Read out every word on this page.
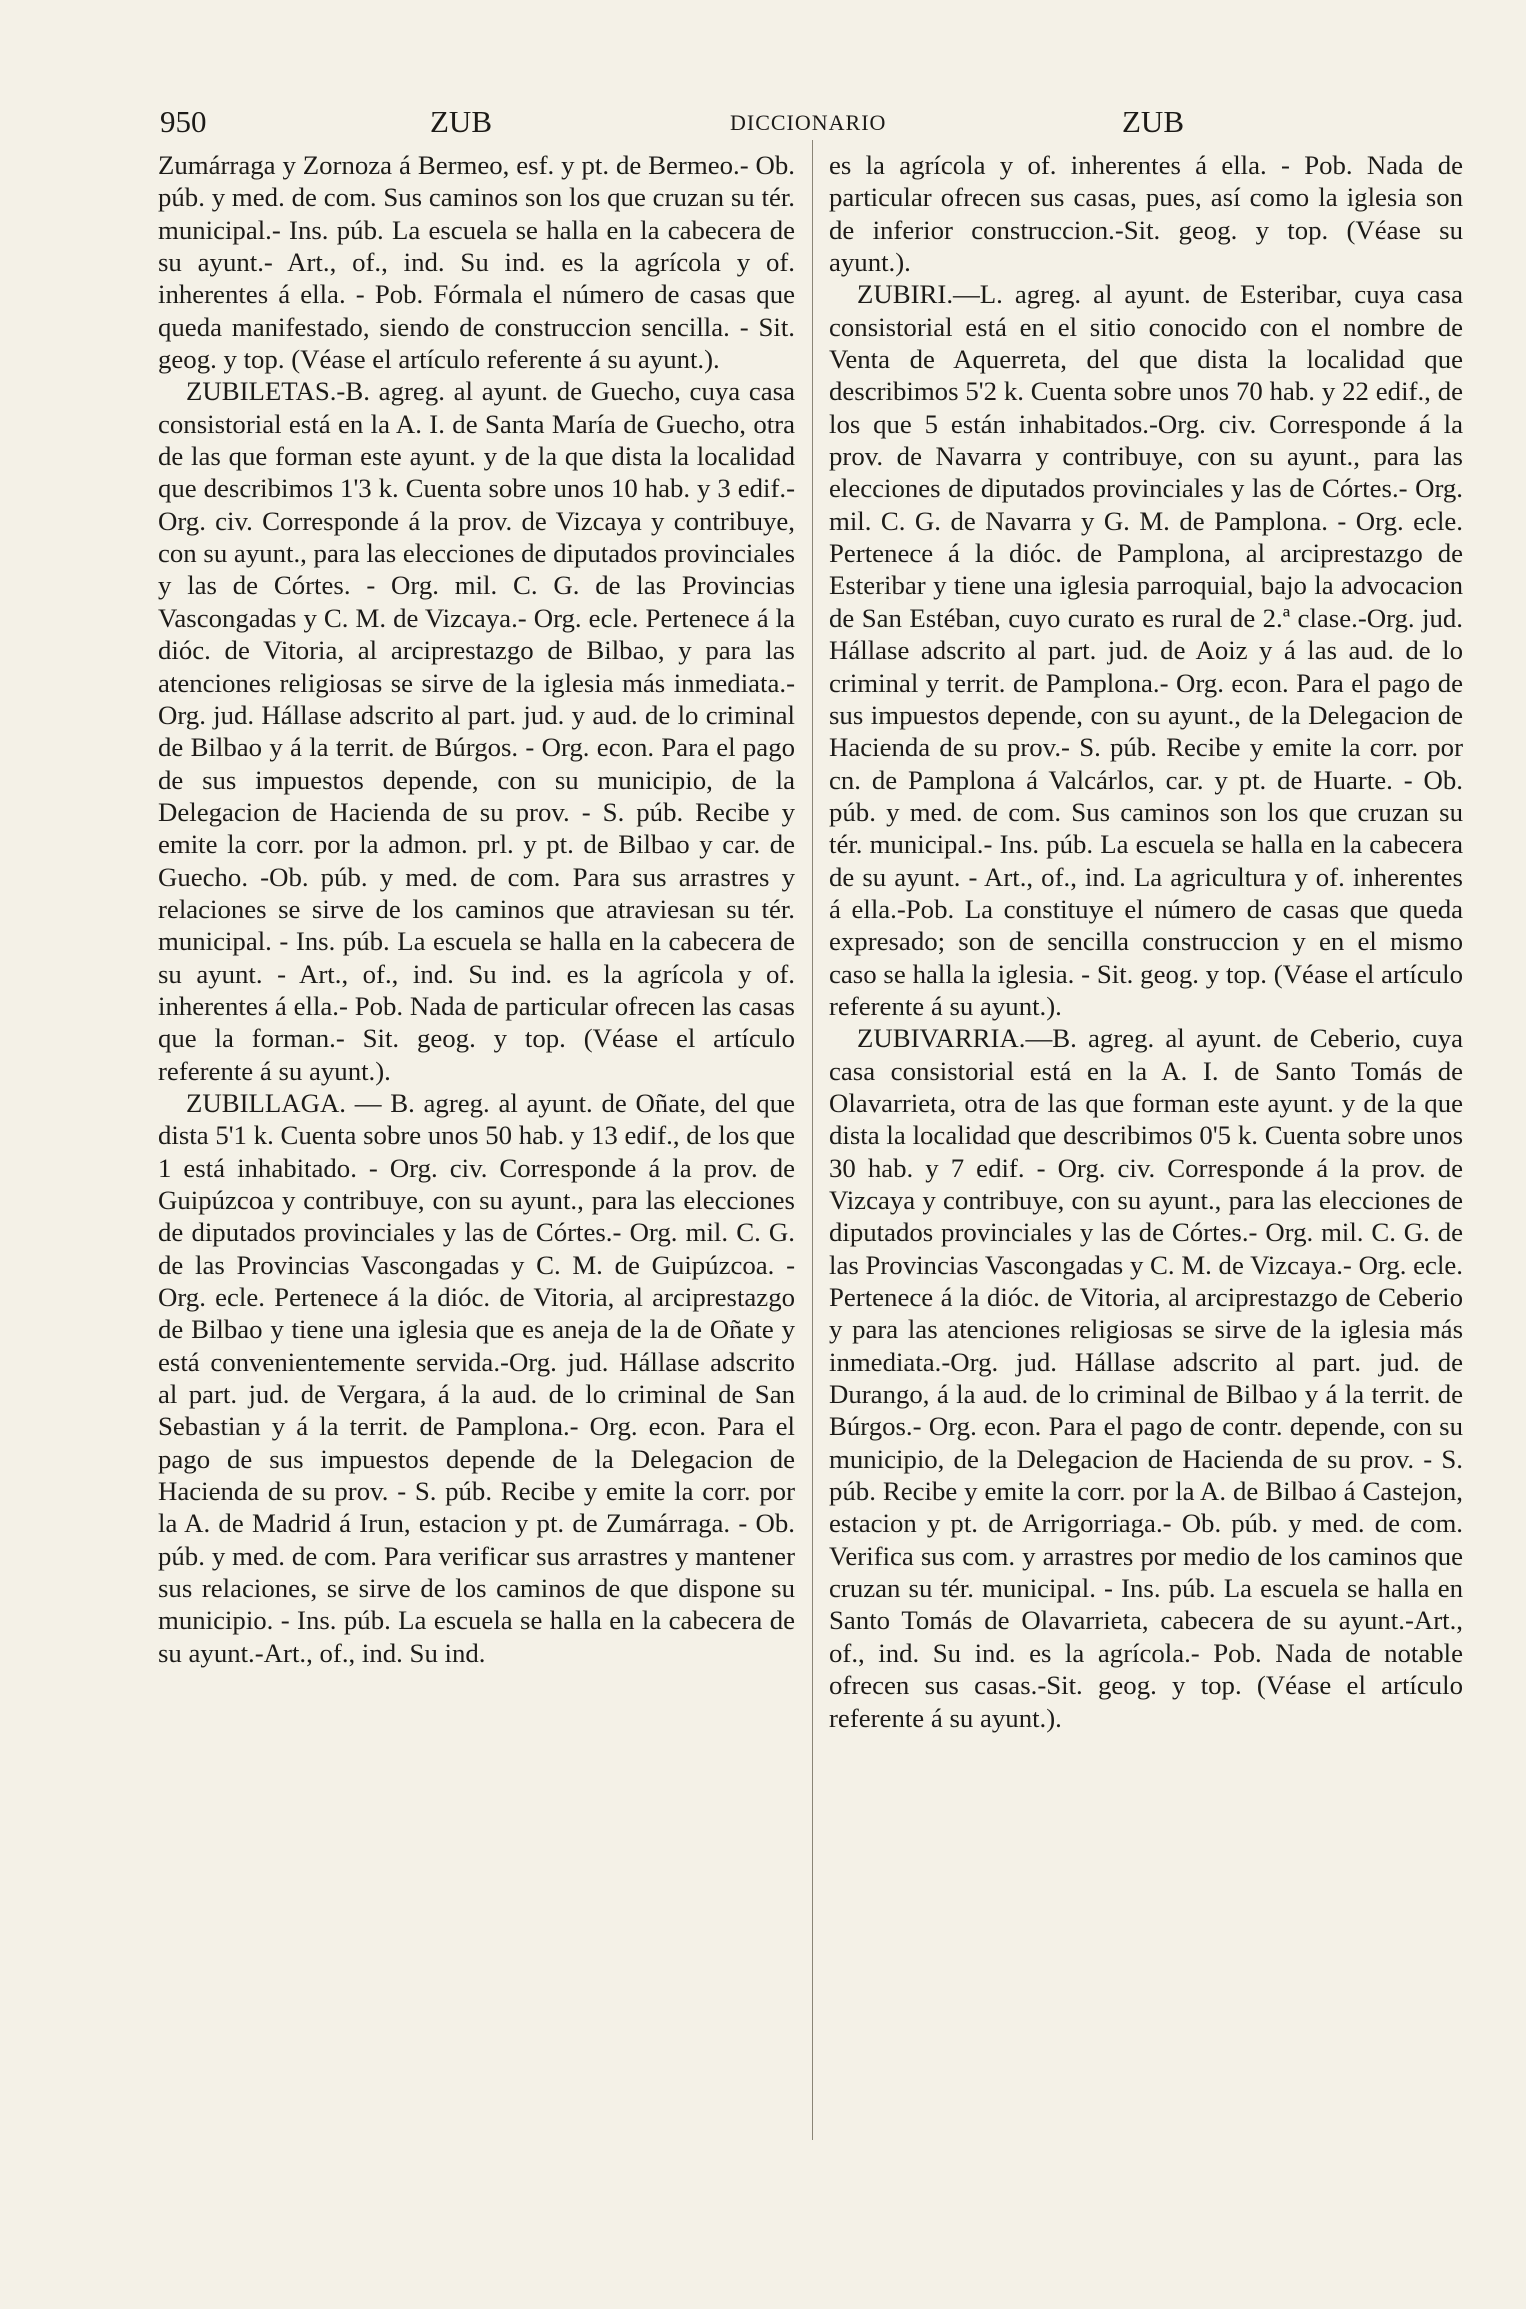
950	ZUB	DICCIONARIO	ZUB

Zumárraga y Zornoza á Bermeo, esf. y pt. de Bermeo.- Ob. púb. y med. de com. Sus caminos son los que cruzan su tér. municipal.- Ins. púb. La escuela se halla en la cabecera de su ayunt.- Art., of., ind. Su ind. es la agrícola y of. inherentes á ella. - Pob. Fórmala el número de casas que queda manifestado, siendo de construccion sencilla. - Sit. geog. y top. (Véase el artículo referente á su ayunt.).

ZUBILETAS.-B. agreg. al ayunt. de Guecho, cuya casa consistorial está en la A. I. de Santa María de Guecho, otra de las que forman este ayunt. y de la que dista la localidad que describimos 1'3 k. Cuenta sobre unos 10 hab. y 3 edif.- Org. civ. Corresponde á la prov. de Vizcaya y contribuye, con su ayunt., para las elecciones de diputados provinciales y las de Córtes. - Org. mil. C. G. de las Provincias Vascongadas y C. M. de Vizcaya.- Org. ecle. Pertenece á la dióc. de Vitoria, al arciprestazgo de Bilbao, y para las atenciones religiosas se sirve de la iglesia más inmediata.- Org. jud. Hállase adscrito al part. jud. y aud. de lo criminal de Bilbao y á la territ. de Búrgos. - Org. econ. Para el pago de sus impuestos depende, con su municipio, de la Delegacion de Hacienda de su prov. - S. púb. Recibe y emite la corr. por la admon. prl. y pt. de Bilbao y car. de Guecho. -Ob. púb. y med. de com. Para sus arrastres y relaciones se sirve de los caminos que atraviesan su tér. municipal. - Ins. púb. La escuela se halla en la cabecera de su ayunt. - Art., of., ind. Su ind. es la agrícola y of. inherentes á ella.- Pob. Nada de particular ofrecen las casas que la forman.- Sit. geog. y top. (Véase el artículo referente á su ayunt.).

ZUBILLAGA. — B. agreg. al ayunt. de Oñate, del que dista 5'1 k. Cuenta sobre unos 50 hab. y 13 edif., de los que 1 está inhabitado. - Org. civ. Corresponde á la prov. de Guipúzcoa y contribuye, con su ayunt., para las elecciones de diputados provinciales y las de Córtes.- Org. mil. C. G. de las Provincias Vascongadas y C. M. de Guipúzcoa. - Org. ecle. Pertenece á la dióc. de Vitoria, al arciprestazgo de Bilbao y tiene una iglesia que es aneja de la de Oñate y está convenientemente servida.-Org. jud. Hállase adscrito al part. jud. de Vergara, á la aud. de lo criminal de San Sebastian y á la territ. de Pamplona.- Org. econ. Para el pago de sus impuestos depende de la Delegacion de Hacienda de su prov. - S. púb. Recibe y emite la corr. por la A. de Madrid á Irun, estacion y pt. de Zumárraga. - Ob. púb. y med. de com. Para verificar sus arrastres y mantener sus relaciones, se sirve de los caminos de que dispone su municipio. - Ins. púb. La escuela se halla en la cabecera de su ayunt.-Art., of., ind. Su ind.

es la agrícola y of. inherentes á ella. - Pob. Nada de particular ofrecen sus casas, pues, así como la iglesia son de inferior construccion.-Sit. geog. y top. (Véase su ayunt.).

ZUBIRI.—L. agreg. al ayunt. de Esteribar, cuya casa consistorial está en el sitio conocido con el nombre de Venta de Aquerreta, del que dista la localidad que describimos 5'2 k. Cuenta sobre unos 70 hab. y 22 edif., de los que 5 están inhabitados.-Org. civ. Corresponde á la prov. de Navarra y contribuye, con su ayunt., para las elecciones de diputados provinciales y las de Córtes.- Org. mil. C. G. de Navarra y G. M. de Pamplona. - Org. ecle. Pertenece á la dióc. de Pamplona, al arciprestazgo de Esteribar y tiene una iglesia parroquial, bajo la advocacion de San Estéban, cuyo curato es rural de 2.ª clase.-Org. jud. Hállase adscrito al part. jud. de Aoiz y á las aud. de lo criminal y territ. de Pamplona.- Org. econ. Para el pago de sus impuestos depende, con su ayunt., de la Delegacion de Hacienda de su prov.- S. púb. Recibe y emite la corr. por cn. de Pamplona á Valcárlos, car. y pt. de Huarte. - Ob. púb. y med. de com. Sus caminos son los que cruzan su tér. municipal.- Ins. púb. La escuela se halla en la cabecera de su ayunt. - Art., of., ind. La agricultura y of. inherentes á ella.-Pob. La constituye el número de casas que queda expresado; son de sencilla construccion y en el mismo caso se halla la iglesia. - Sit. geog. y top. (Véase el artículo referente á su ayunt.).

ZUBIVARRIA.—B. agreg. al ayunt. de Ceberio, cuya casa consistorial está en la A. I. de Santo Tomás de Olavarrieta, otra de las que forman este ayunt. y de la que dista la localidad que describimos 0'5 k. Cuenta sobre unos 30 hab. y 7 edif. - Org. civ. Corresponde á la prov. de Vizcaya y contribuye, con su ayunt., para las elecciones de diputados provinciales y las de Córtes.- Org. mil. C. G. de las Provincias Vascongadas y C. M. de Vizcaya.- Org. ecle. Pertenece á la dióc. de Vitoria, al arciprestazgo de Ceberio y para las atenciones religiosas se sirve de la iglesia más inmediata.-Org. jud. Hállase adscrito al part. jud. de Durango, á la aud. de lo criminal de Bilbao y á la territ. de Búrgos.- Org. econ. Para el pago de contr. depende, con su municipio, de la Delegacion de Hacienda de su prov. - S. púb. Recibe y emite la corr. por la A. de Bilbao á Castejon, estacion y pt. de Arrigorriaga.- Ob. púb. y med. de com. Verifica sus com. y arrastres por medio de los caminos que cruzan su tér. municipal. - Ins. púb. La escuela se halla en Santo Tomás de Olavarrieta, cabecera de su ayunt.-Art., of., ind. Su ind. es la agrícola.- Pob. Nada de notable ofrecen sus casas.-Sit. geog. y top. (Véase el artículo referente á su ayunt.).
